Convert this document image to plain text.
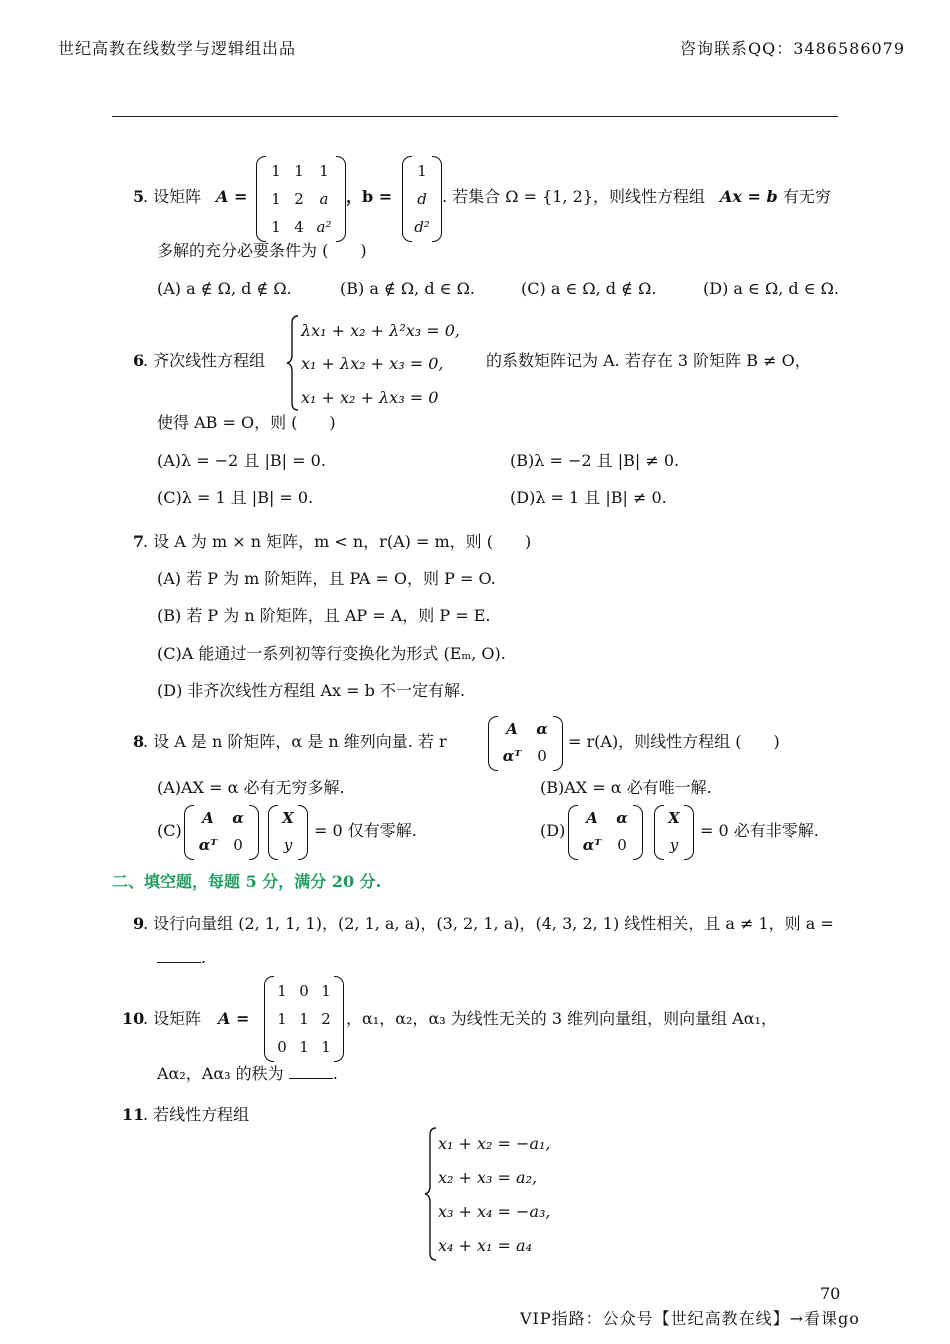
世纪高教在线数学与逻辑组出品	咨询联系QQ：3486586079
5
. 设矩阵 A =
1 1	1
1 2	a
1 4 a²
，b =
1
d
d²
. 若集合 Ω = {1, 2}，则线性方程组 Ax = b 有无穷
多解的充分必要条件为 (　　)
(A) a ∉ Ω, d ∉ Ω.	(B) a ∉ Ω, d ∈ Ω.	(C) a ∈ Ω, d ∉ Ω.	(D) a ∈ Ω, d ∈ Ω.
6
. 齐次线性方程组
λx₁ + x₂ + λ²x₃ = 0,
x₁ + λx₂ + x₃ = 0,
x₁ + x₂ + λx₃ = 0
的系数矩阵记为 A. 若存在 3 阶矩阵 B ≠ O，
使得 AB = O，则 (　　)
(A)λ = −2 且 |B| = 0.	(B)λ = −2 且 |B| ≠ 0.
(C)λ = 1 且 |B| = 0.	(D)λ = 1 且 |B| ≠ 0.
7
. 设 A 为 m × n 矩阵，m < n，r(A) = m，则 (　　)
(A) 若 P 为 m 阶矩阵，且 PA = O，则 P = O.
(B) 若 P 为 n 阶矩阵，且 AP = A，则 P = E.
(C)A 能通过一系列初等行变换化为形式 (Eₘ, O).
(D) 非齐次线性方程组 Ax = b 不一定有解.
8
. 设 A 是 n 阶矩阵，α 是 n 维列向量. 若 r
A	α
αᵀ	0
= r(A)，则线性方程组 (　　)
(A)AX = α 必有无穷多解.	(B)AX = α 必有唯一解.
(C)
A	α
αᵀ	0
X
y
= 0 仅有零解.	(D)
A	α
αᵀ	0
X
y
= 0 必有非零解.
二、填空题，每题 5 分，满分 20 分.
9
. 设行向量组 (2, 1, 1, 1)，(2, 1, a, a)，(3, 2, 1, a)，(4, 3, 2, 1) 线性相关，且 a ≠ 1，则 a =
.
10
. 设矩阵 A =
1 0 1
1 1 2
0 1 1
，α₁，α₂，α₃ 为线性无关的 3 维列向量组，则向量组 Aα₁，
Aα₂，Aα₃ 的秩为	.
11
. 若线性方程组
x₁ + x₂ = −a₁,
x₂ + x₃ = a₂,
x₃ + x₄ = −a₃,
x₄ + x₁ = a₄
70
VIP指路：公众号【世纪高教在线】→看课go
